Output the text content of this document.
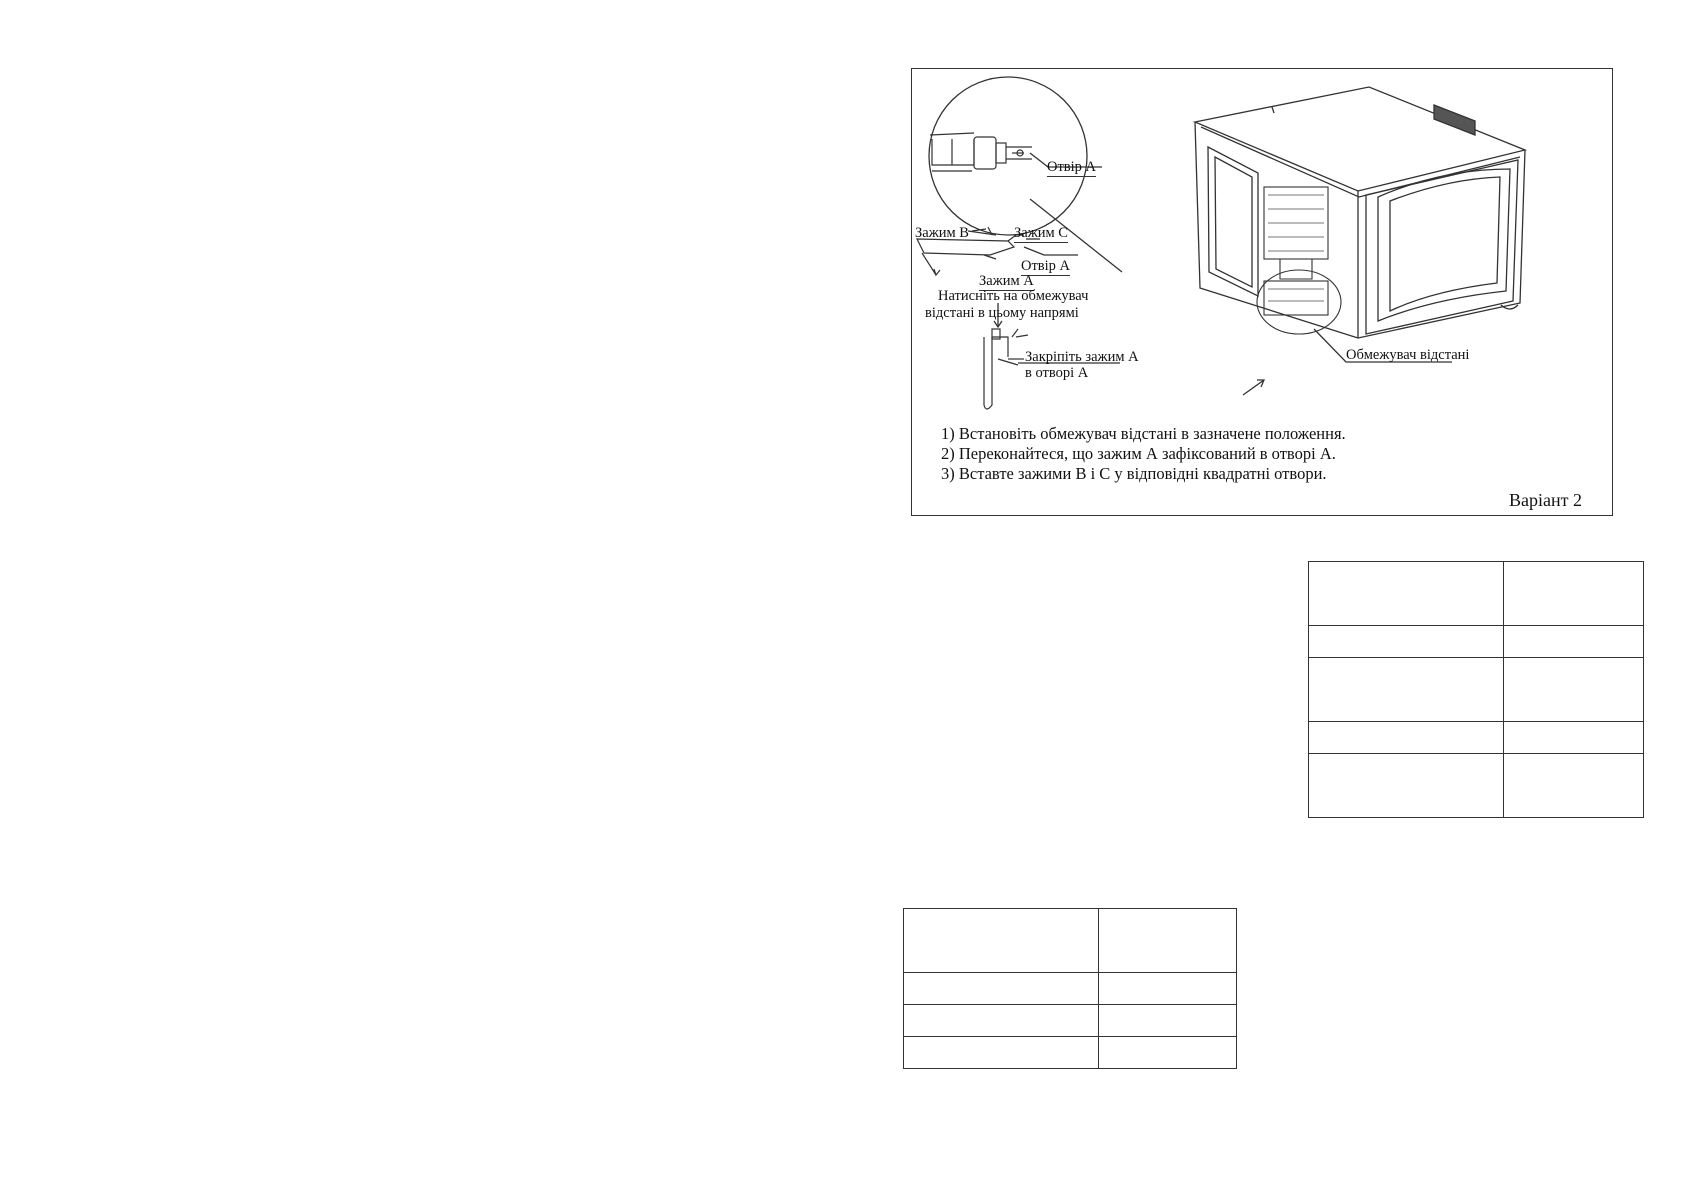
Отвір А
Зажим В	Зажим С
Отвір А
Зажим А
Натисніть на обмежувач
відстані в цьому напрямі
Закріпіть зажим А
в отворі А
Обмежувач відстані
1) Встановіть обмежувач відстані в зазначене положення.
2) Переконайтеся, що зажим А зафіксований в отворі А.
3) Вставте зажими В і С у відповідні квадратні отвори.
Варіант 2
